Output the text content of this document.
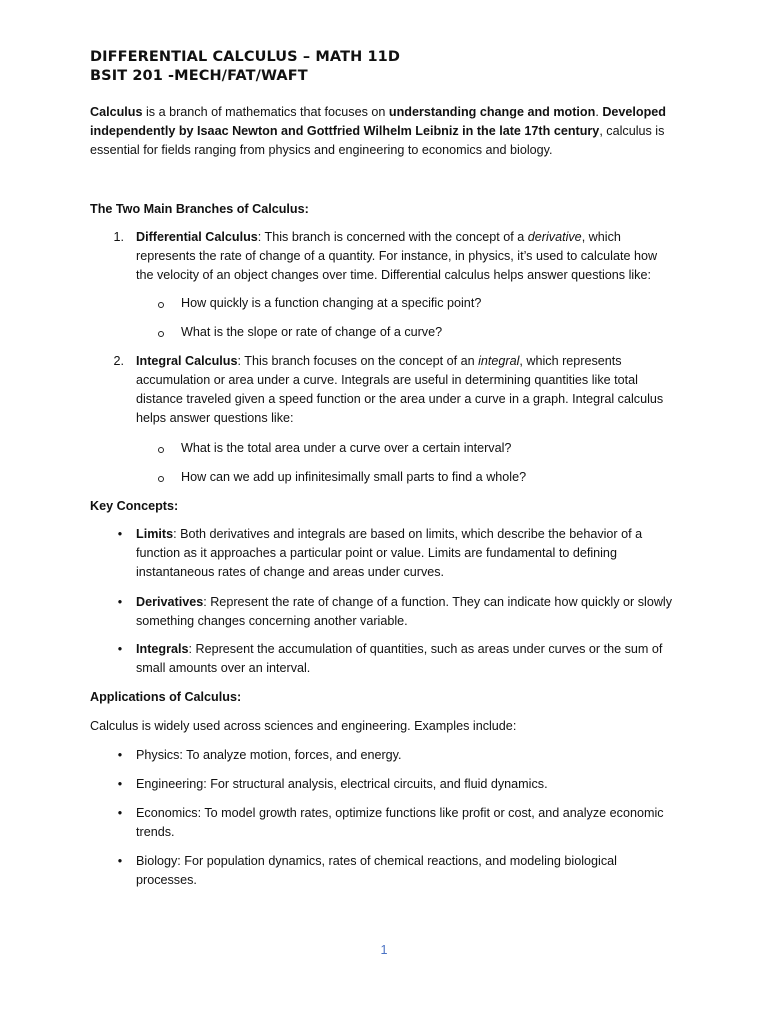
DIFFERENTIAL CALCULUS – MATH 11D
BSIT 201 -MECH/FAT/WAFT

Calculus is a branch of mathematics that focuses on understanding change and motion. Developed independently by Isaac Newton and Gottfried Wilhelm Leibniz in the late 17th century, calculus is essential for fields ranging from physics and engineering to economics and biology.

The Two Main Branches of Calculus:
1. Differential Calculus: This branch is concerned with the concept of a derivative, which represents the rate of change of a quantity. For instance, in physics, it’s used to calculate how the velocity of an object changes over time. Differential calculus helps answer questions like:

How quickly is a function changing at a specific point?
What is the slope or rate of change of a curve?
2. Integral Calculus: This branch focuses on the concept of an integral, which represents accumulation or area under a curve. Integrals are useful in determining quantities like total distance traveled given a speed function or the area under a curve in a graph. Integral calculus helps answer questions like:

What is the total area under a curve over a certain interval?
How can we add up infinitesimally small parts to find a whole?
Key Concepts:
•	Limits: Both derivatives and integrals are based on limits, which describe the behavior of a function as it approaches a particular point or value. Limits are fundamental to defining instantaneous rates of change and areas under curves.

•	Derivatives: Represent the rate of change of a function. They can indicate how quickly or slowly something changes concerning another variable.

•	Integrals: Represent the accumulation of quantities, such as areas under curves or the sum of small amounts over an interval.

Applications of Calculus:
Calculus is widely used across sciences and engineering. Examples include:
•	Physics: To analyze motion, forces, and energy.
•	Engineering: For structural analysis, electrical circuits, and fluid dynamics.
•	Economics: To model growth rates, optimize functions like profit or cost, and analyze economic trends.
•	Biology: For population dynamics, rates of chemical reactions, and modeling biological processes.
1
